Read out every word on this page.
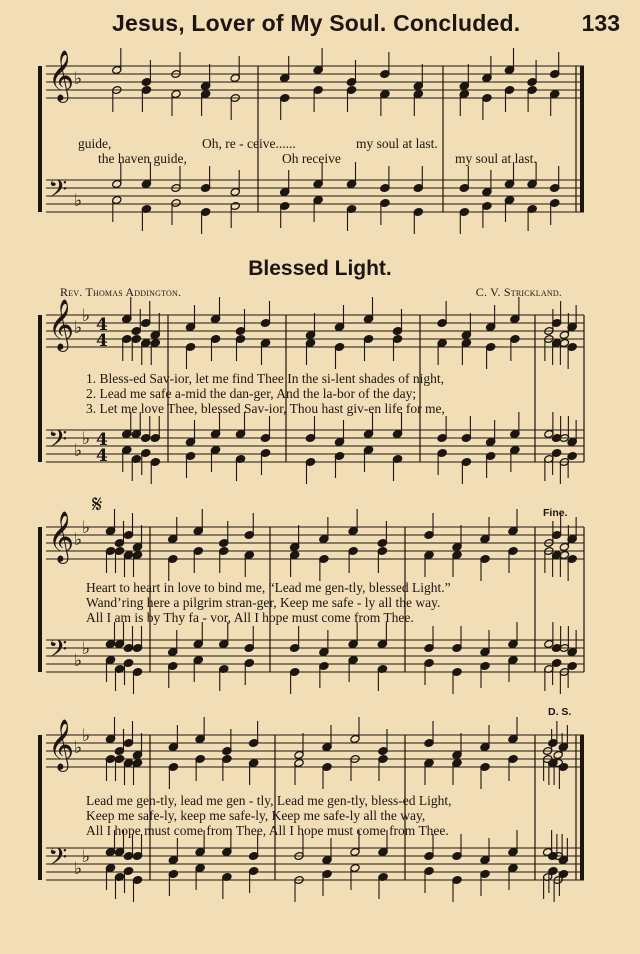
Jesus, Lover of My Soul. Concluded.	133
𝄞
𝄢
♭
♭
𝄞
𝄢
♭
♭
♭
♭
4
4
4
4
𝄞
𝄢
♭
♭
♭
♭
𝄞
𝄢
♭
♭
♭
♭
𝄋
guide,	Oh, re - ceive......	my soul at last.
the haven guide,	Oh receive	my soul at last.
Blessed Light.
Rev. Thomas Addington.	C. V. Strickland.
1. Bless-ed Sav-ior, let me find Thee In the si-lent shades of night,
2. Lead me safe a-mid the dan-ger, And the la-bor of the day;
3. Let me love Thee, blessed Sav-ior, Thou hast giv-en life for me,
Fine.
Heart to heart in love to bind me, “Lead me gen-tly, blessed Light.”
Wand’ring here a pilgrim stran-ger, Keep me safe - ly all the way.
All I am is by Thy fa - vor, All I hope must come from Thee.
D. S.
Lead me gen-tly, lead me gen - tly, Lead me gen-tly, bless-ed Light,
Keep me safe-ly, keep me safe-ly, Keep me safe-ly all the way,
All I hope must come from Thee, All I hope must come from Thee.
